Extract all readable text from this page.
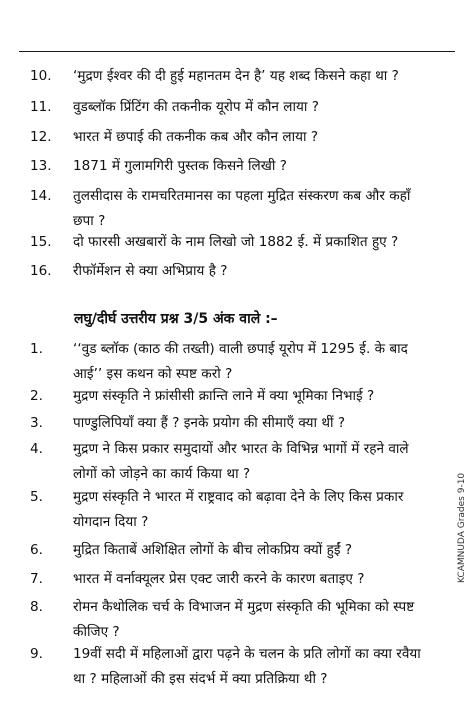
10. ‘मुद्रण ईश्वर की दी हुई महानतम देन है’ यह शब्द किसने कहा था ?
11. वुडब्लॉक प्रिंटिंग की तकनीक यूरोप में कौन लाया ?
12. भारत में छपाई की तकनीक कब और कौन लाया ?
13. 1871 में गुलामगिरी पुस्तक किसने लिखी ?
14. तुलसीदास के रामचरितमानस का पहला मुद्रित संस्करण कब और कहाँ
छपा ?
15. दो फारसी अखबारों के नाम लिखो जो 1882 ई. में प्रकाशित हुए ?
16. रीफॉर्मेशन से क्या अभिप्राय है ?
लघु/दीर्घ उत्तरीय प्रश्न 3/5 अंक वाले :–
1. ‘‘वुड ब्लॉक (काठ की तख्ती) वाली छपाई यूरोप में 1295 ई. के बाद
आई’’ इस कथन को स्पष्ट करो ?
2. मुद्रण संस्कृति ने फ्रांसीसी क्रान्ति लाने में क्या भूमिका निभाई ?
3. पाण्डुलिपियाँ क्या हैं ? इनके प्रयोग की सीमाएँ क्या थीं ?
4. मुद्रण ने किस प्रकार समुदायों और भारत के विभिन्न भागों में रहने वाले
लोगों को जोड़ने का कार्य किया था ?
5. मुद्रण संस्कृति ने भारत में राष्ट्रवाद को बढ़ावा देने के लिए किस प्रकार
योगदान दिया ?
6. मुद्रित किताबें अशिक्षित लोगों के बीच लोकप्रिय क्यों हुईं ?
7. भारत में वर्नाक्यूलर प्रेस एक्ट जारी करने के कारण बताइए ?
8. रोमन कैथोलिक चर्च के विभाजन में मुद्रण संस्कृति की भूमिका को स्पष्ट
कीजिए ?
9. 19वीं सदी में महिलाओं द्वारा पढ़ने के चलन के प्रति लोगों का क्या रवैया
था ? महिलाओं की इस संदर्भ में क्या प्रतिक्रिया थी ?
KCAMNUDA Grades 9-10
